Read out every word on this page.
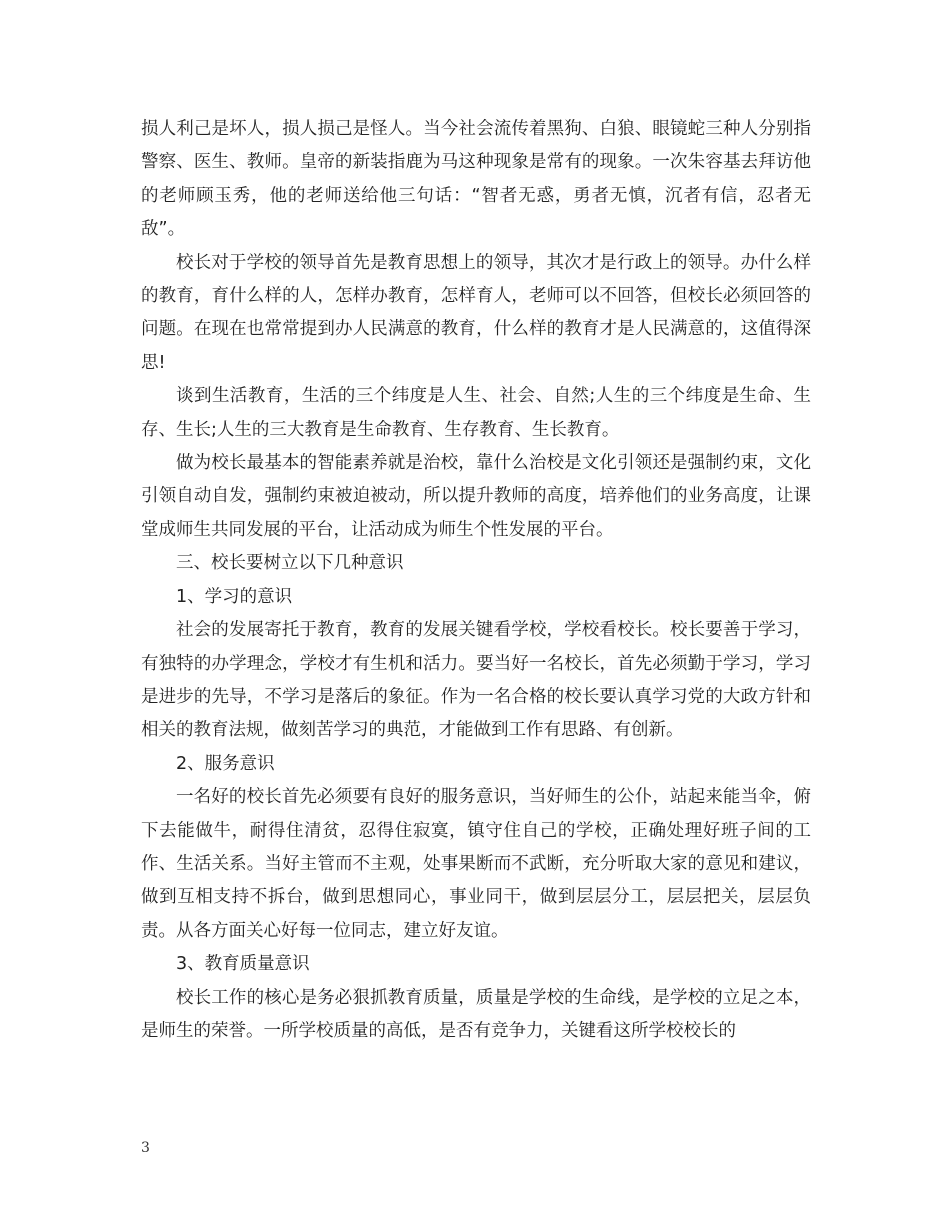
损人利己是坏人，损人损己是怪人。当今社会流传着黑狗、白狼、眼镜蛇三种人分别指警察、医生、教师。皇帝的新装指鹿为马这种现象是常有的现象。一次朱容基去拜访他的老师顾玉秀，他的老师送给他三句话：“智者无惑，勇者无慎，沉者有信，忍者无敌”。

校长对于学校的领导首先是教育思想上的领导，其次才是行政上的领导。办什么样的教育，育什么样的人，怎样办教育，怎样育人，老师可以不回答，但校长必须回答的问题。在现在也常常提到办人民满意的教育，什么样的教育才是人民满意的，这值得深思!

谈到生活教育，生活的三个纬度是人生、社会、自然;人生的三个纬度是生命、生存、生长;人生的三大教育是生命教育、生存教育、生长教育。

做为校长最基本的智能素养就是治校，靠什么治校是文化引领还是强制约束，文化引领自动自发，强制约束被迫被动，所以提升教师的高度，培养他们的业务高度，让课堂成师生共同发展的平台，让活动成为师生个性发展的平台。

三、校长要树立以下几种意识

1、学习的意识

社会的发展寄托于教育，教育的发展关键看学校，学校看校长。校长要善于学习，有独特的办学理念，学校才有生机和活力。要当好一名校长，首先必须勤于学习，学习是进步的先导，不学习是落后的象征。作为一名合格的校长要认真学习党的大政方针和相关的教育法规，做刻苦学习的典范，才能做到工作有思路、有创新。

2、服务意识

一名好的校长首先必须要有良好的服务意识，当好师生的公仆，站起来能当伞，俯下去能做牛，耐得住清贫，忍得住寂寞，镇守住自己的学校，正确处理好班子间的工作、生活关系。当好主管而不主观，处事果断而不武断，充分听取大家的意见和建议，做到互相支持不拆台，做到思想同心，事业同干，做到层层分工，层层把关，层层负责。从各方面关心好每一位同志，建立好友谊。

3、教育质量意识

校长工作的核心是务必狠抓教育质量，质量是学校的生命线，是学校的立足之本，是师生的荣誉。一所学校质量的高低，是否有竞争力，关键看这所学校校长的

3
